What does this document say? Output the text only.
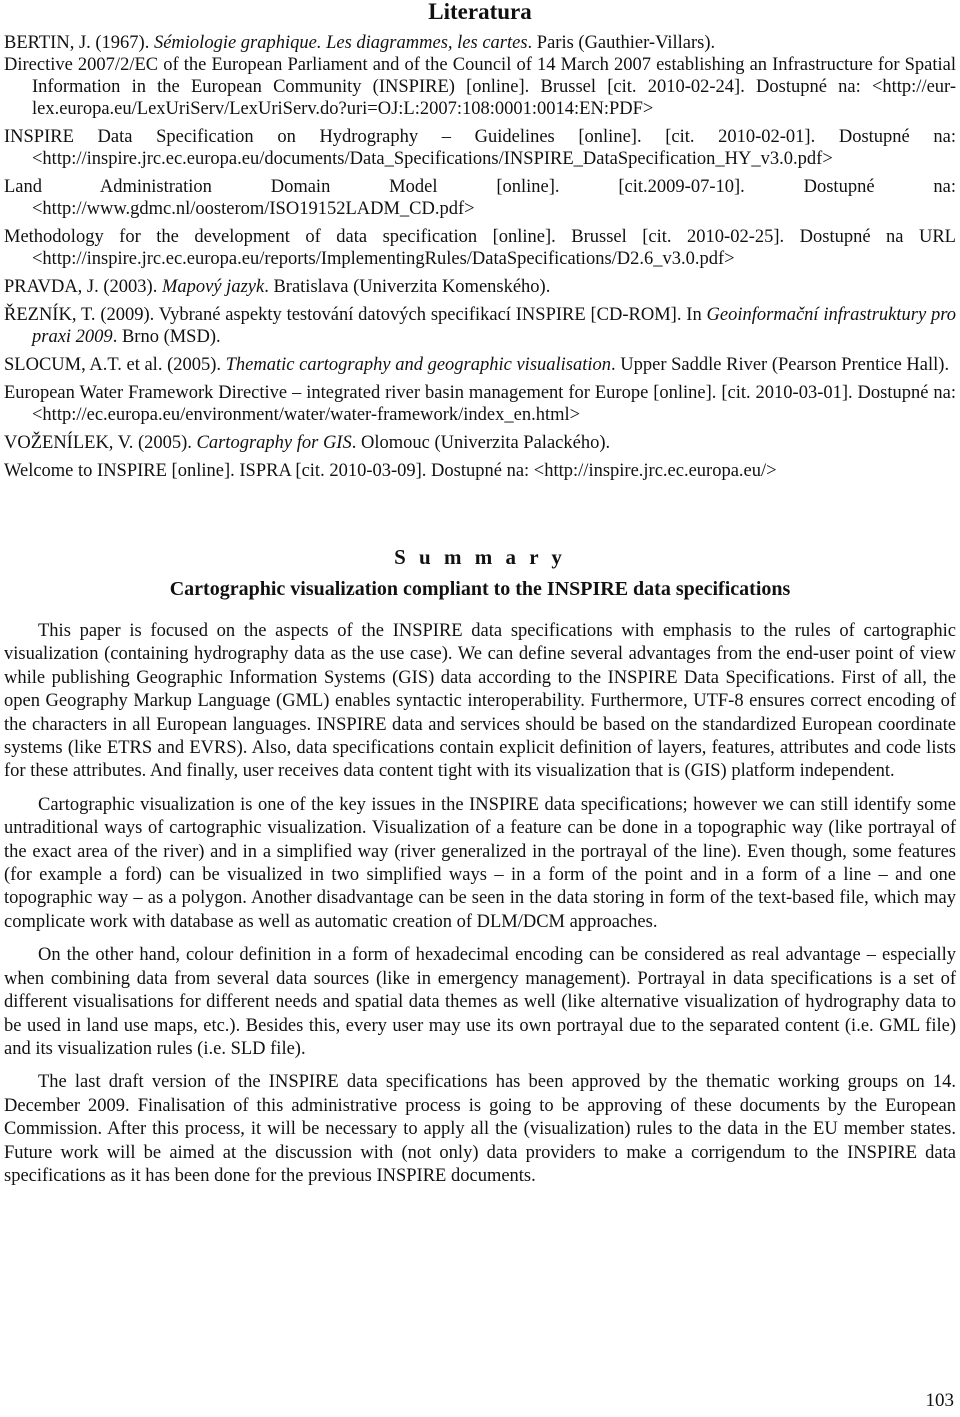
Literatura

BERTIN, J. (1967). Sémiologie graphique. Les diagrammes, les cartes. Paris (Gauthier-Villars).

Directive 2007/2/EC of the European Parliament and of the Council of 14 March 2007 establishing an Infrastructure for Spatial Information in the European Community (INSPIRE) [online]. Brussel [cit. 2010-02-24]. Dostupné na: <http://eur-lex.europa.eu/LexUriServ/LexUriServ.do?uri=OJ:L:2007:108:0001:0014:EN:PDF>

INSPIRE Data Specification on Hydrography – Guidelines [online]. [cit. 2010-02-01]. Dostupné na: <http://inspire.jrc.ec.europa.eu/documents/Data_Specifications/INSPIRE_DataSpecification_HY_v3.0.pdf>

Land Administration Domain Model [online]. [cit.2009-07-10]. Dostupné na: <http://www.gdmc.nl/oosterom/ISO19152LADM_CD.pdf>

Methodology for the development of data specification [online]. Brussel [cit. 2010-02-25]. Dostupné na URL <http://inspire.jrc.ec.europa.eu/reports/ImplementingRules/DataSpecifications/D2.6_v3.0.pdf>

PRAVDA, J. (2003). Mapový jazyk. Bratislava (Univerzita Komenského).

ŘEZNÍK, T. (2009). Vybrané aspekty testování datových specifikací INSPIRE [CD-ROM]. In Geoinformační infrastruktury pro praxi 2009. Brno (MSD).

SLOCUM, A.T. et al. (2005). Thematic cartography and geographic visualisation. Upper Saddle River (Pearson Prentice Hall).

European Water Framework Directive – integrated river basin management for Europe [online]. [cit. 2010-03-01]. Dostupné na: <http://ec.europa.eu/environment/water/water-framework/index_en.html>

VOŽENÍLEK, V. (2005). Cartography for GIS. Olomouc (Univerzita Palackého).

Welcome to INSPIRE [online]. ISPRA [cit. 2010-03-09]. Dostupné na: <http://inspire.jrc.ec.europa.eu/>

S u m m a r y
Cartographic visualization compliant to the INSPIRE data specifications

This paper is focused on the aspects of the INSPIRE data specifications with emphasis to the rules of cartographic visualization (containing hydrography data as the use case). We can define several advantages from the end-user point of view while publishing Geographic Information Systems (GIS) data according to the INSPIRE Data Specifications. First of all, the open Geography Markup Language (GML) enables syntactic interoperability. Furthermore, UTF-8 ensures correct encoding of the characters in all European languages. INSPIRE data and services should be based on the standardized European coordinate systems (like ETRS and EVRS). Also, data specifications contain explicit definition of layers, features, attributes and code lists for these attributes. And finally, user receives data content tight with its visualization that is (GIS) platform independent.

Cartographic visualization is one of the key issues in the INSPIRE data specifications; however we can still identify some untraditional ways of cartographic visualization. Visualization of a feature can be done in a topographic way (like portrayal of the exact area of the river) and in a simplified way (river generalized in the portrayal of the line). Even though, some features (for example a ford) can be visualized in two simplified ways – in a form of the point and in a form of a line – and one topographic way – as a polygon. Another disadvantage can be seen in the data storing in form of the text-based file, which may complicate work with database as well as automatic creation of DLM/DCM approaches.

On the other hand, colour definition in a form of hexadecimal encoding can be considered as real advantage – especially when combining data from several data sources (like in emergency management). Portrayal in data specifications is a set of different visualisations for different needs and spatial data themes as well (like alternative visualization of hydrography data to be used in land use maps, etc.). Besides this, every user may use its own portrayal due to the separated content (i.e. GML file) and its visualization rules (i.e. SLD file).

The last draft version of the INSPIRE data specifications has been approved by the thematic working groups on 14. December 2009. Finalisation of this administrative process is going to be approving of these documents by the European Commission. After this process, it will be necessary to apply all the (visualization) rules to the data in the EU member states. Future work will be aimed at the discussion with (not only) data providers to make a corrigendum to the INSPIRE data specifications as it has been done for the previous INSPIRE documents.

103
